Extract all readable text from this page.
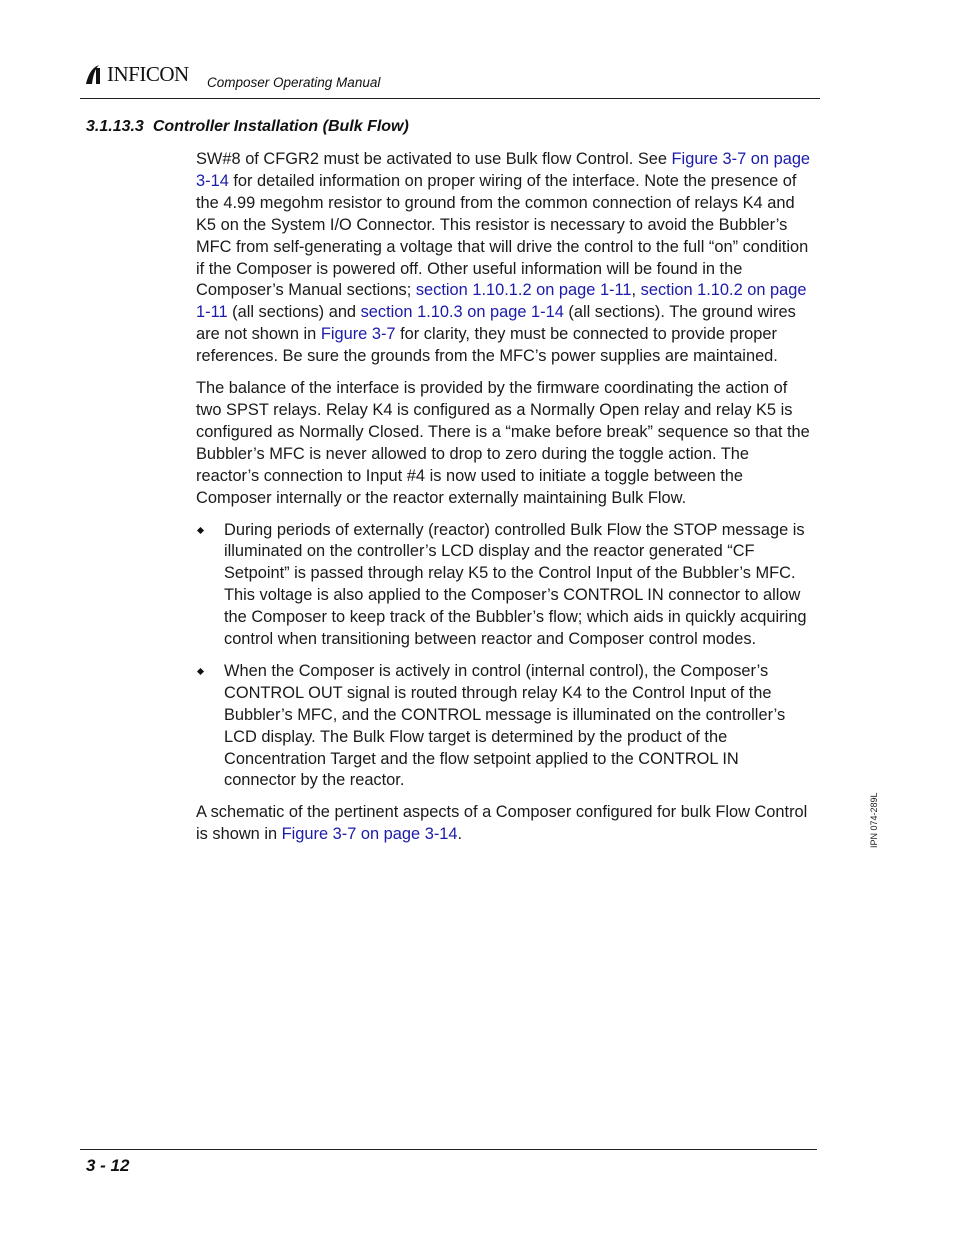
INFICON Composer Operating Manual
3.1.13.3 Controller Installation (Bulk Flow)

SW#8 of CFGR2 must be activated to use Bulk flow Control. See Figure 3-7 on page 3-14 for detailed information on proper wiring of the interface. Note the presence of the 4.99 megohm resistor to ground from the common connection of relays K4 and K5 on the System I/O Connector. This resistor is necessary to avoid the Bubbler’s MFC from self-generating a voltage that will drive the control to the full “on” condition if the Composer is powered off. Other useful information will be found in the Composer’s Manual sections; section 1.10.1.2 on page 1-11, section 1.10.2 on page 1-11 (all sections) and section 1.10.3 on page 1-14 (all sections). The ground wires are not shown in Figure 3-7 for clarity, they must be connected to provide proper references. Be sure the grounds from the MFC’s power supplies are maintained.

The balance of the interface is provided by the firmware coordinating the action of two SPST relays. Relay K4 is configured as a Normally Open relay and relay K5 is configured as Normally Closed. There is a “make before break” sequence so that the Bubbler’s MFC is never allowed to drop to zero during the toggle action. The reactor’s connection to Input #4 is now used to initiate a toggle between the Composer internally or the reactor externally maintaining Bulk Flow.

During periods of externally (reactor) controlled Bulk Flow the STOP message is illuminated on the controller’s LCD display and the reactor generated “CF Setpoint” is passed through relay K5 to the Control Input of the Bubbler’s MFC. This voltage is also applied to the Composer’s CONTROL IN connector to allow the Composer to keep track of the Bubbler’s flow; which aids in quickly acquiring control when transitioning between reactor and Composer control modes.
When the Composer is actively in control (internal control), the Composer’s CONTROL OUT signal is routed through relay K4 to the Control Input of the Bubbler’s MFC, and the CONTROL message is illuminated on the controller’s LCD display. The Bulk Flow target is determined by the product of the Concentration Target and the flow setpoint applied to the CONTROL IN connector by the reactor.

A schematic of the pertinent aspects of a Composer configured for bulk Flow Control is shown in Figure 3-7 on page 3-14.	IPN 074-289L
3 - 12
